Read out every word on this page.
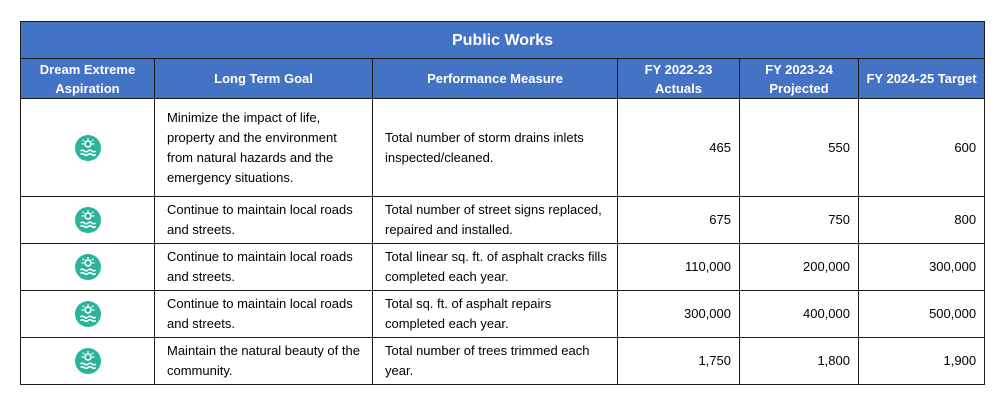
Public Works					
Dream Extreme Aspiration	Long Term Goal	Performance Measure	FY 2022-23 Actuals	FY 2023-24 Projected	FY 2024-25 Target
	Minimize the impact of life, property and the environment from natural hazards and the emergency situations.	Total number of storm drains inlets inspected/cleaned.	465	550	600
	Continue to maintain local roads and streets.	Total number of street signs replaced, repaired and installed.	675	750	800
	Continue to maintain local roads and streets.	Total linear sq. ft. of asphalt cracks fills completed each year.	110,000	200,000	300,000
	Continue to maintain local roads and streets.	Total sq. ft. of asphalt repairs completed each year.	300,000	400,000	500,000
	Maintain the natural beauty of the community.	Total number of trees trimmed each year.	1,750	1,800	1,900
